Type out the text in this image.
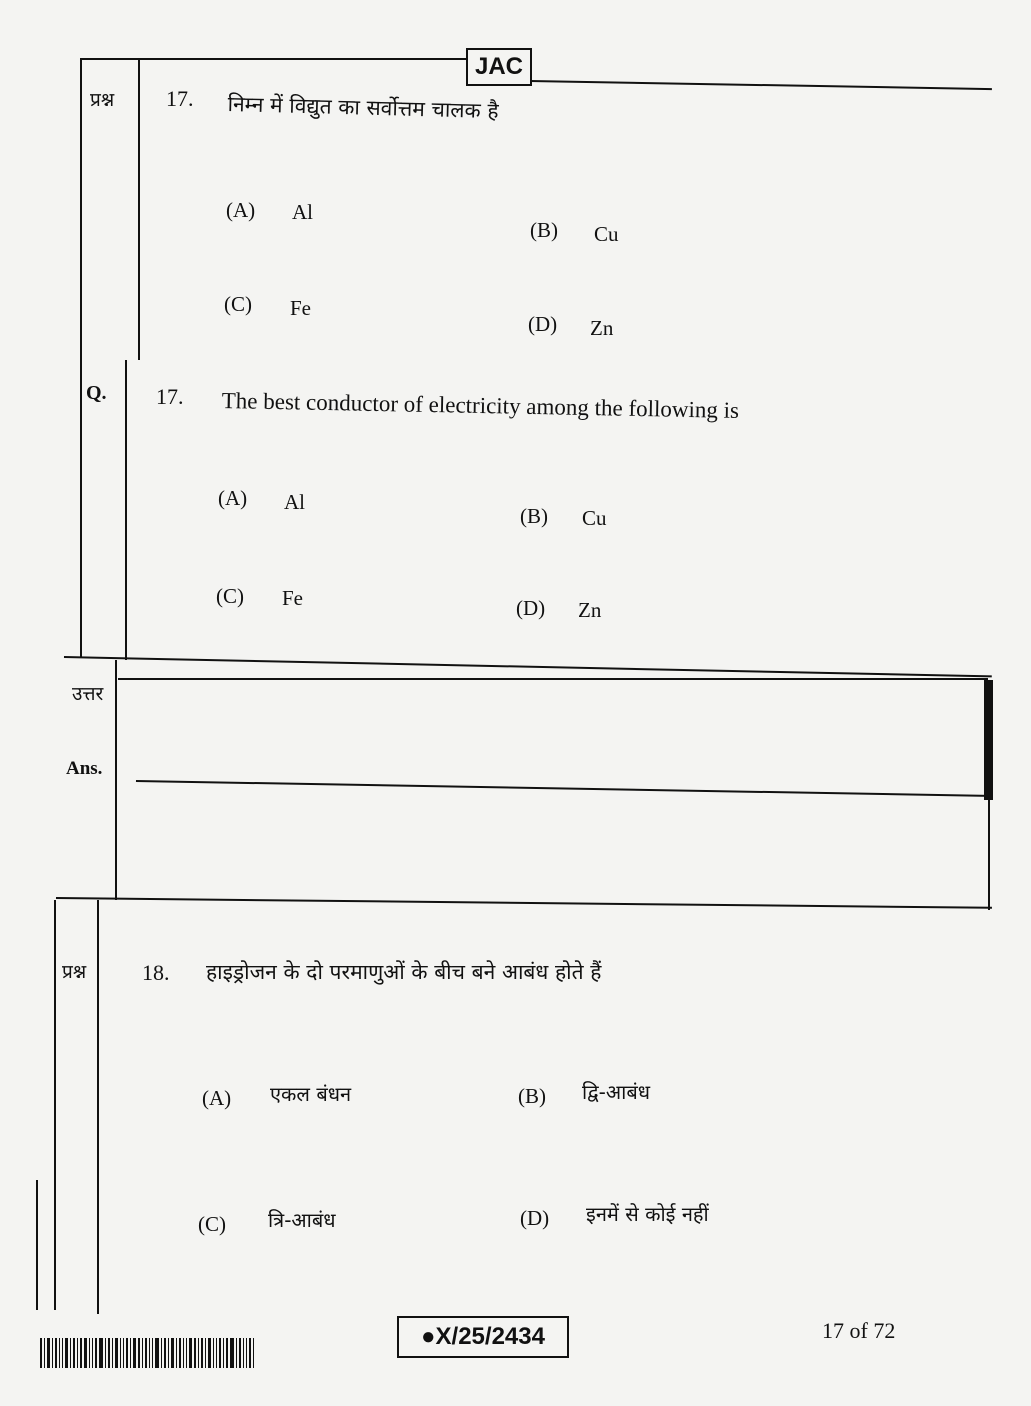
JAC
प्रश्न 17. निम्न में विद्युत का सर्वोत्तम चालक है
(A) Al
(B) Cu
(C) Fe
(D) Zn
Q. 17. The best conductor of electricity among the following is
(A) Al
(B) Cu
(C) Fe	(D) Zn
उत्तर
Ans.
प्रश्न	18. हाइड्रोजन के दो परमाणुओं के बीच बने आबंध होते हैं
(A) एकल बंधन	(B) द्वि-आबंध
(C) त्रि-आबंध	(D) इनमें से कोई नहीं
●X/25/2434	17 of 72
